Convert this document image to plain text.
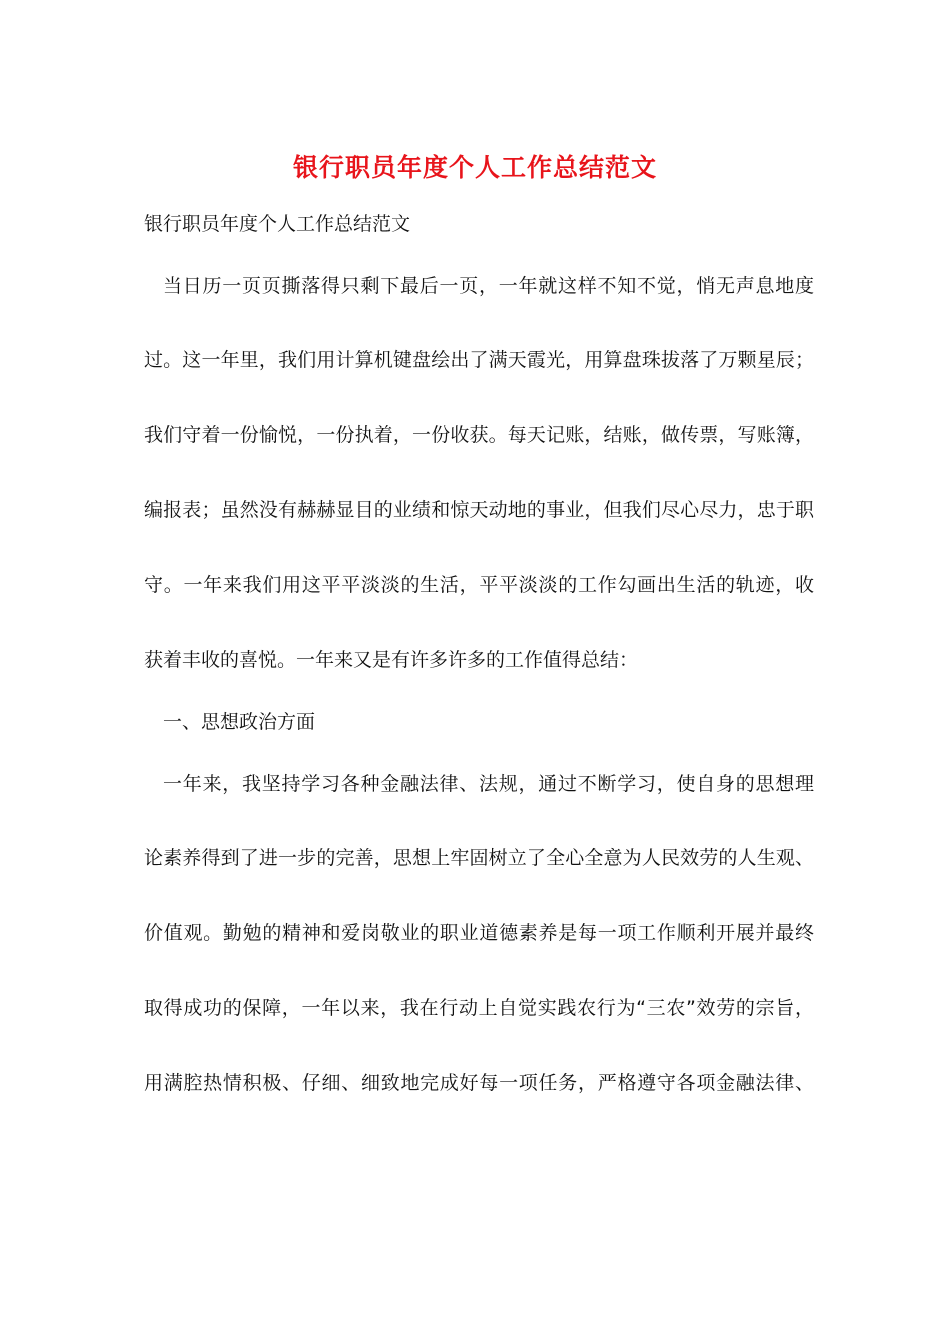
银行职员年度个人工作总结范文
银行职员年度个人工作总结范文
当日历一页页撕落得只剩下最后一页，一年就这样不知不觉，悄无声息地度
过。这一年里，我们用计算机键盘绘出了满天霞光，用算盘珠拔落了万颗星辰；
我们守着一份愉悦，一份执着，一份收获。每天记账，结账，做传票，写账簿，
编报表；虽然没有赫赫显目的业绩和惊天动地的事业，但我们尽心尽力，忠于职
守。一年来我们用这平平淡淡的生活，平平淡淡的工作勾画出生活的轨迹，收
获着丰收的喜悦。一年来又是有许多许多的工作值得总结：
一、思想政治方面
一年来，我坚持学习各种金融法律、法规，通过不断学习，使自身的思想理
论素养得到了进一步的完善，思想上牢固树立了全心全意为人民效劳的人生观、
价值观。勤勉的精神和爱岗敬业的职业道德素养是每一项工作顺利开展并最终
取得成功的保障，一年以来，我在行动上自觉实践农行为“三农”效劳的宗旨，
用满腔热情积极、仔细、细致地完成好每一项任务，严格遵守各项金融法律、
